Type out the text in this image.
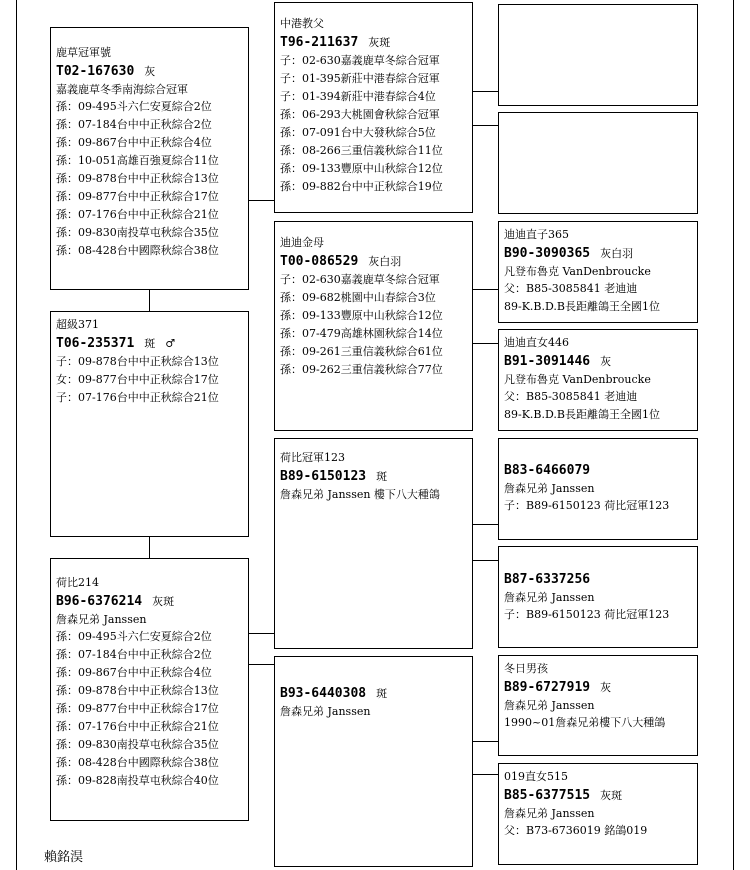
鹿草冠軍號
T02-167630 灰
嘉義鹿草冬季南海綜合冠軍
孫：09-495斗六仁安夏綜合2位
孫：07-184台中中正秋綜合2位
孫：09-867台中中正秋綜合4位
孫：10-051高雄百強夏綜合11位
孫：09-878台中中正秋綜合13位
孫：09-877台中中正秋綜合17位
孫：07-176台中中正秋綜合21位
孫：09-830南投草屯秋綜合35位
孫：08-428台中國際秋綜合38位
超級371
T06-235371 斑 ♂
子：09-878台中中正秋綜合13位
女：09-877台中中正秋綜合17位
子：07-176台中中正秋綜合21位
荷比214
B96-6376214 灰斑
詹森兄弟 Janssen
孫：09-495斗六仁安夏綜合2位
孫：07-184台中中正秋綜合2位
孫：09-867台中中正秋綜合4位
孫：09-878台中中正秋綜合13位
孫：09-877台中中正秋綜合17位
孫：07-176台中中正秋綜合21位
孫：09-830南投草屯秋綜合35位
孫：08-428台中國際秋綜合38位
孫：09-828南投草屯秋綜合40位
中港教父
T96-211637 灰斑
子：02-630嘉義鹿草冬綜合冠軍
子：01-395新莊中港春綜合冠軍
子：01-394新莊中港春綜合4位
孫：06-293大桃園會秋綜合冠軍
孫：07-091台中大發秋綜合5位
孫：08-266三重信義秋綜合11位
孫：09-133豐原中山秋綜合12位
孫：09-882台中中正秋綜合19位
迪迪金母
T00-086529 灰白羽
子：02-630嘉義鹿草冬綜合冠軍
孫：09-682桃園中山春綜合3位
孫：09-133豐原中山秋綜合12位
孫：07-479高雄林園秋綜合14位
孫：09-261三重信義秋綜合61位
孫：09-262三重信義秋綜合77位
荷比冠軍123
B89-6150123 斑
詹森兄弟 Janssen 樓下八大種鴿
B93-6440308 斑
詹森兄弟 Janssen
迪迪直子365
B90-3090365 灰白羽
凡登布魯克 VanDenbroucke
父：B85-3085841 老迪迪
89-K.B.D.B長距離鴿王全國1位
迪迪直女446
B91-3091446 灰
凡登布魯克 VanDenbroucke
父：B85-3085841 老迪迪
89-K.B.D.B長距離鴿王全國1位
B83-6466079
詹森兄弟 Janssen
子：B89-6150123 荷比冠軍123
B87-6337256
詹森兄弟 Janssen
子：B89-6150123 荷比冠軍123
冬日男孩
B89-6727919 灰
詹森兄弟 Janssen
1990~01詹森兄弟樓下八大種鴿
019直女515
B85-6377515 灰斑
詹森兄弟 Janssen
父：B73-6736019 銘鴿019
賴銘淏
